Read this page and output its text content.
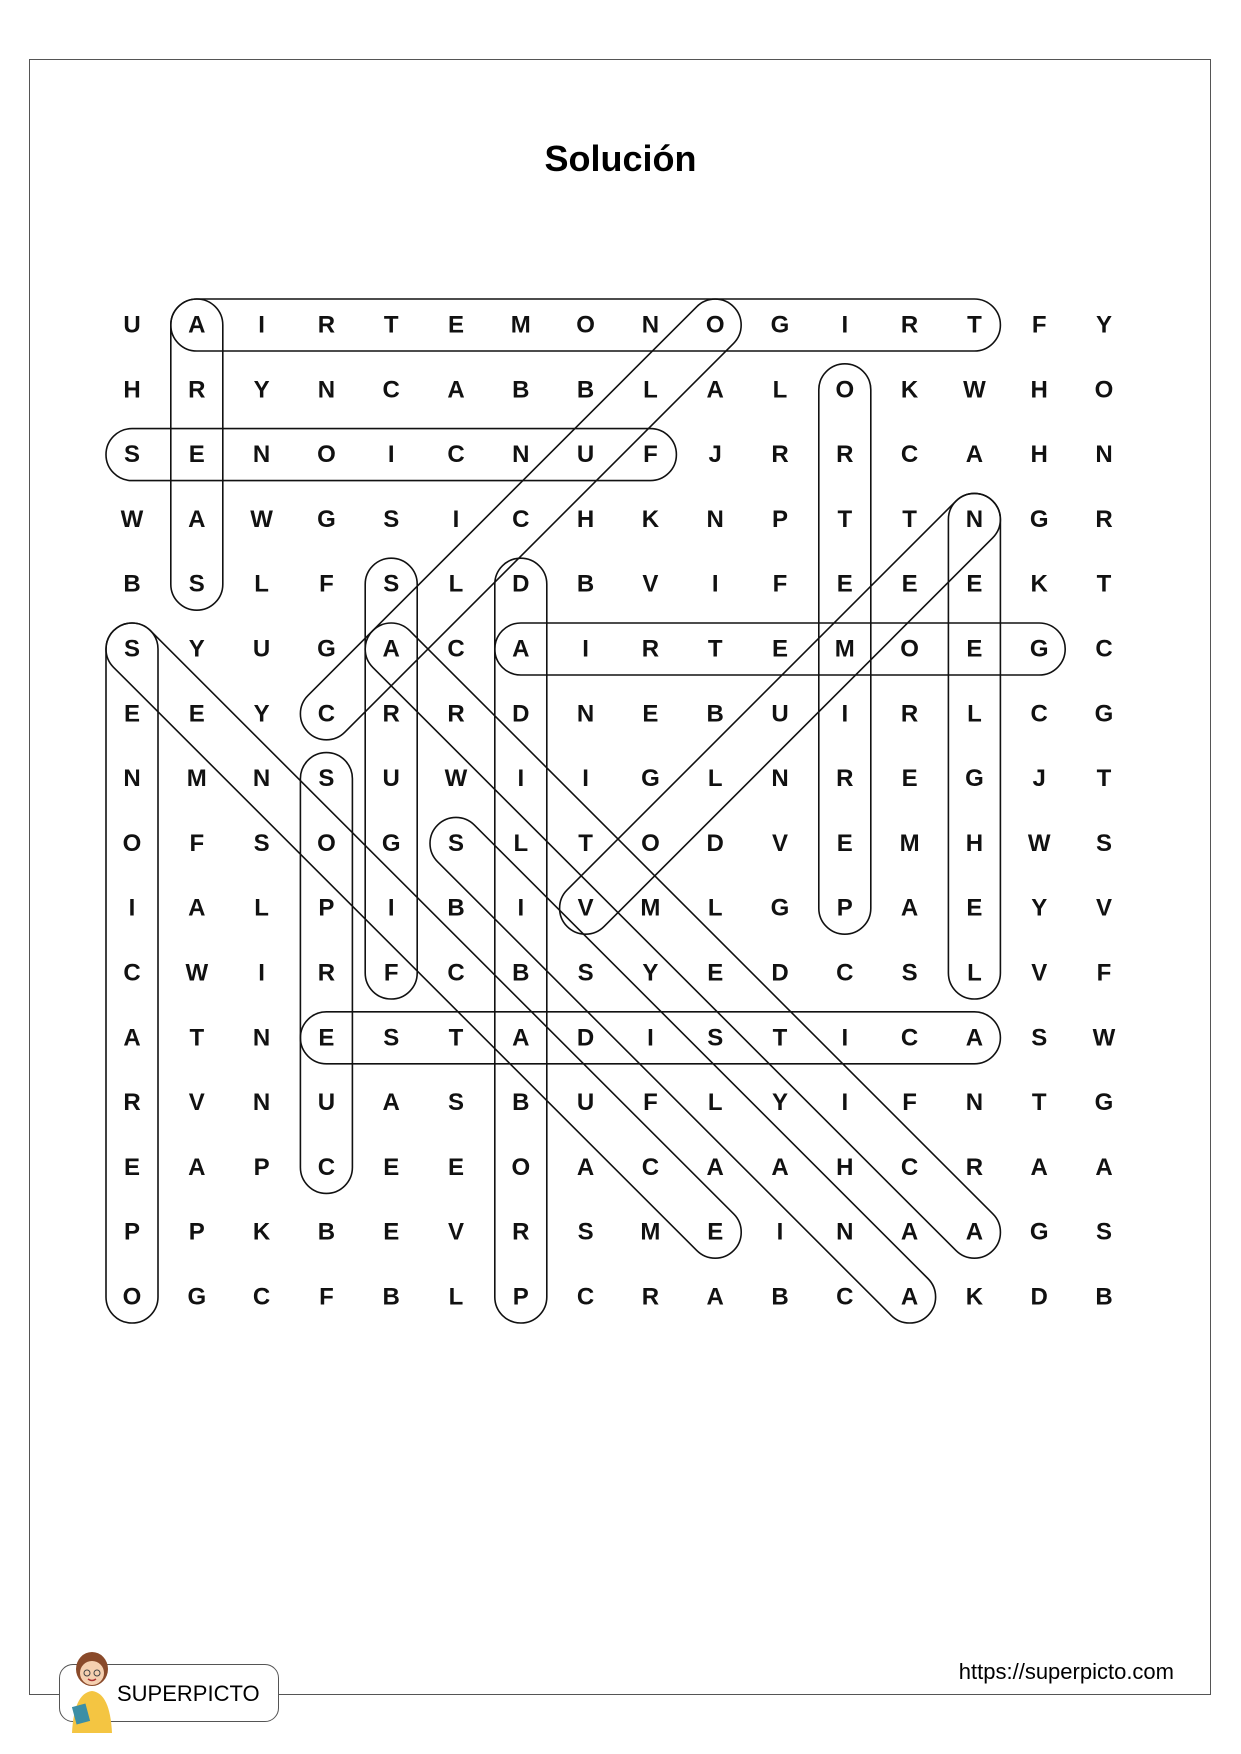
Solución
U A I R T E M O N O G I R T F Y
H R Y N C A B B L A L O K W H O
S E N O I C N U F J R R C A H N
W A W G S I C H K N P T T N G R
B S L F S L D B V I F E E E K T
S Y U G A C A I R T E M O E G C
E E Y C R R D N E B U I R L C G
N M N S U W I I G L N R E G J T
O F S O G S L T O D V E M H W S
I A L P I B I V M L G P A E Y V
C W I R F C B S Y E D C S L V F
A T N E S T A D I S T I C A S W
R V N U A S B U F L Y I F N T G
E A P C E E O A C A A H C R A A
P P K B E V R S M E I N A A G S
O G C F B L P C R A B C A K D B
SUPERPICTO
https://superpicto.com
